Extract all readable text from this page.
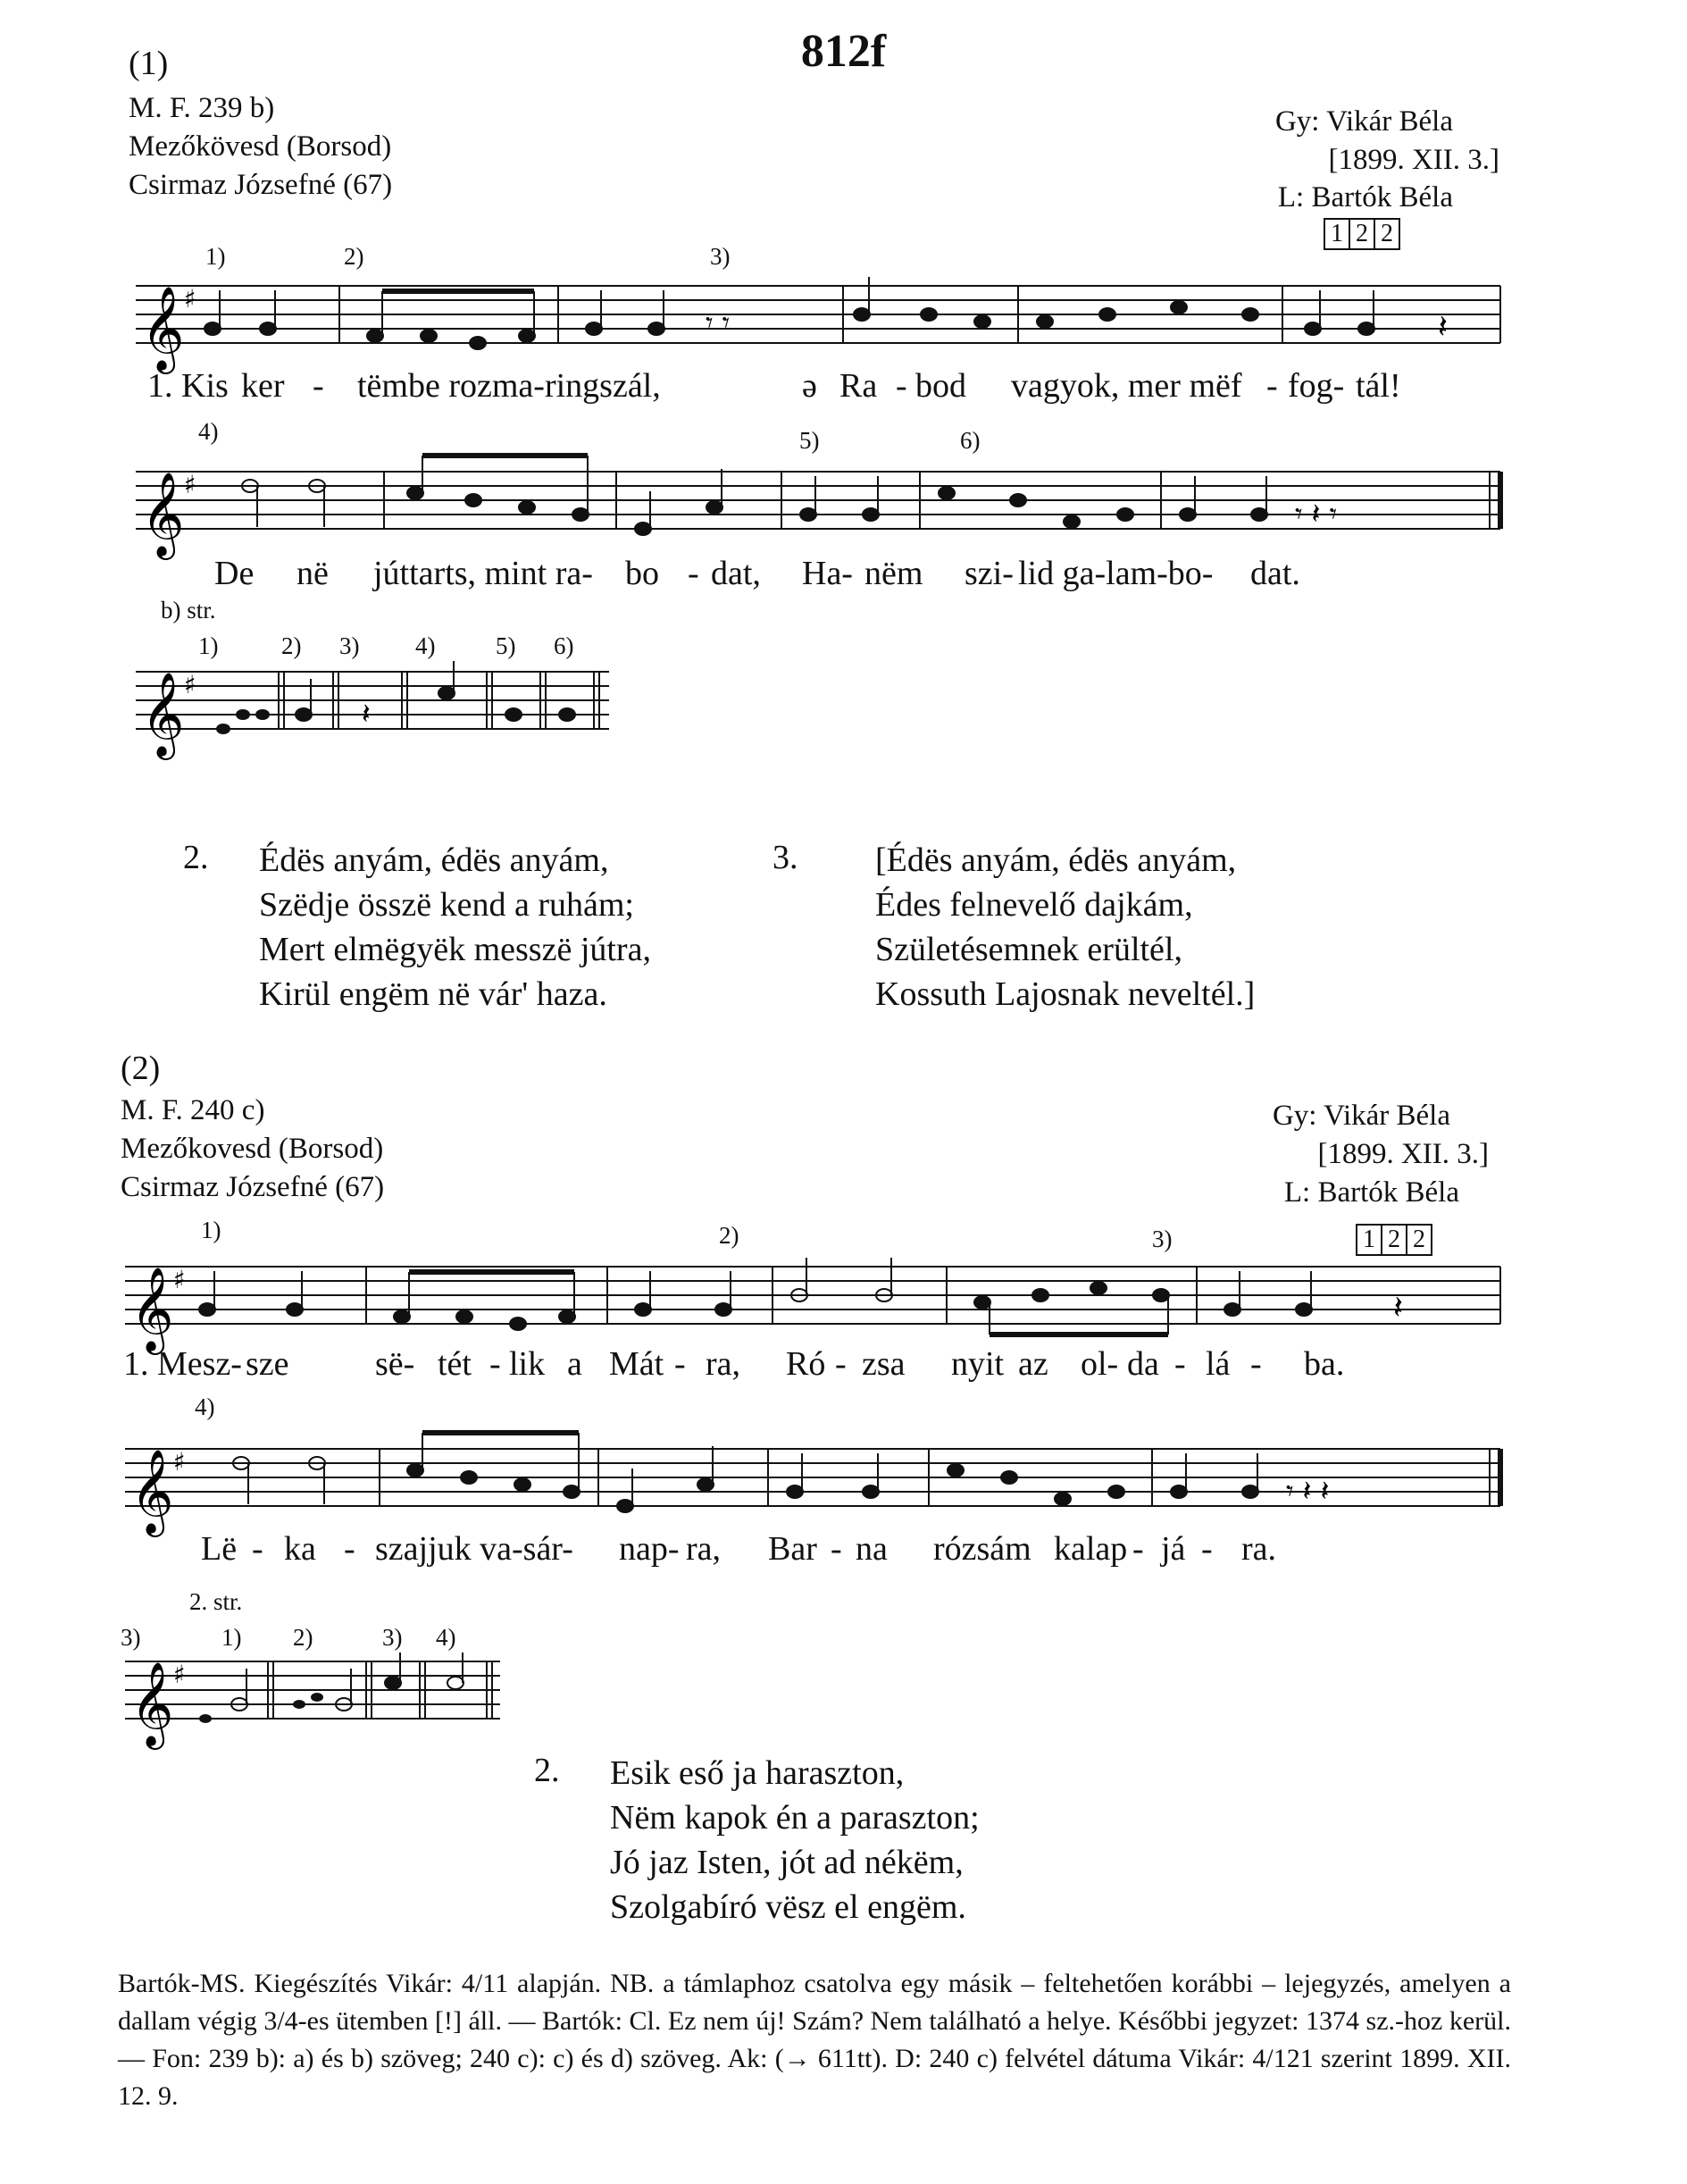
812f
(1)
M. F. 239 b)
Mezőkövesd (Borsod)
Csirmaz Józsefné (67)
Gy: Vikár Béla
[1899. XII. 3.]
L: Bartók Béla
1 2 2
𝄞 ♯
𝄽
𝄾 𝄾
1)	2)	3)
1. Kis ker - tëmbe rozma-ringszál,	ə Ra - bod vagyok, mer mëf - fog- tál!
𝄞 ♯
𝄾 𝄽 𝄾
4)	5)	6)
De në júttarts, mint ra- bo - dat, Ha- nëm szi- lid ga-lam-bo- dat.
b) str.
1)	2) 3) 4)	5) 6)
𝄞 ♯
𝄽
2. Édës anyám, édës anyám,
Szëdje összë kend a ruhám;
Mert elmëgyëk messzë jútra,
Kirül engëm në vár' haza.
3. [Édës anyám, édës anyám,
Édes felnevelő dajkám,
Születésemnek erültél,
Kossuth Lajosnak neveltél.]
(2)
M. F. 240 c)
Mezőkovesd (Borsod)
Csirmaz Józsefné (67)
Gy: Vikár Béla
[1899. XII. 3.]
L: Bartók Béla
1 2 2
1)	2)	3)
𝄞 ♯
𝄽
1. Mesz- sze	së- tét - lik a Mát - ra, Ró - zsa nyit az ol- da - lá - ba.
4)
𝄞 ♯
𝄾 𝄽 𝄽
Lë - ka - szajjuk va-sár- nap- ra, Bar - na rózsám kalap - já - ra.
2. str.
3)	1) 2)	3) 4)
𝄞 ♯
2. Esik eső ja haraszton,
Nëm kapok én a paraszton;
Jó jaz Isten, jót ad nékëm,
Szolgabíró vësz el engëm.
Bartók-MS. Kiegészítés Vikár: 4/11 alapján. NB. a támlaphoz csatolva egy másik – feltehetően korábbi – lejegyzés, amelyen a dallam végig 3/4-es ütemben [!] áll. — Bartók: Cl. Ez nem új! Szám? Nem található a helye. Későbbi jegyzet: 1374 sz.-hoz kerül. — Fon: 239 b): a) és b) szöveg; 240 c): c) és d) szöveg. Ak: (→ 611tt). D: 240 c) felvétel dátuma Vikár: 4/121 szerint 1899. XII. 12. 9.
